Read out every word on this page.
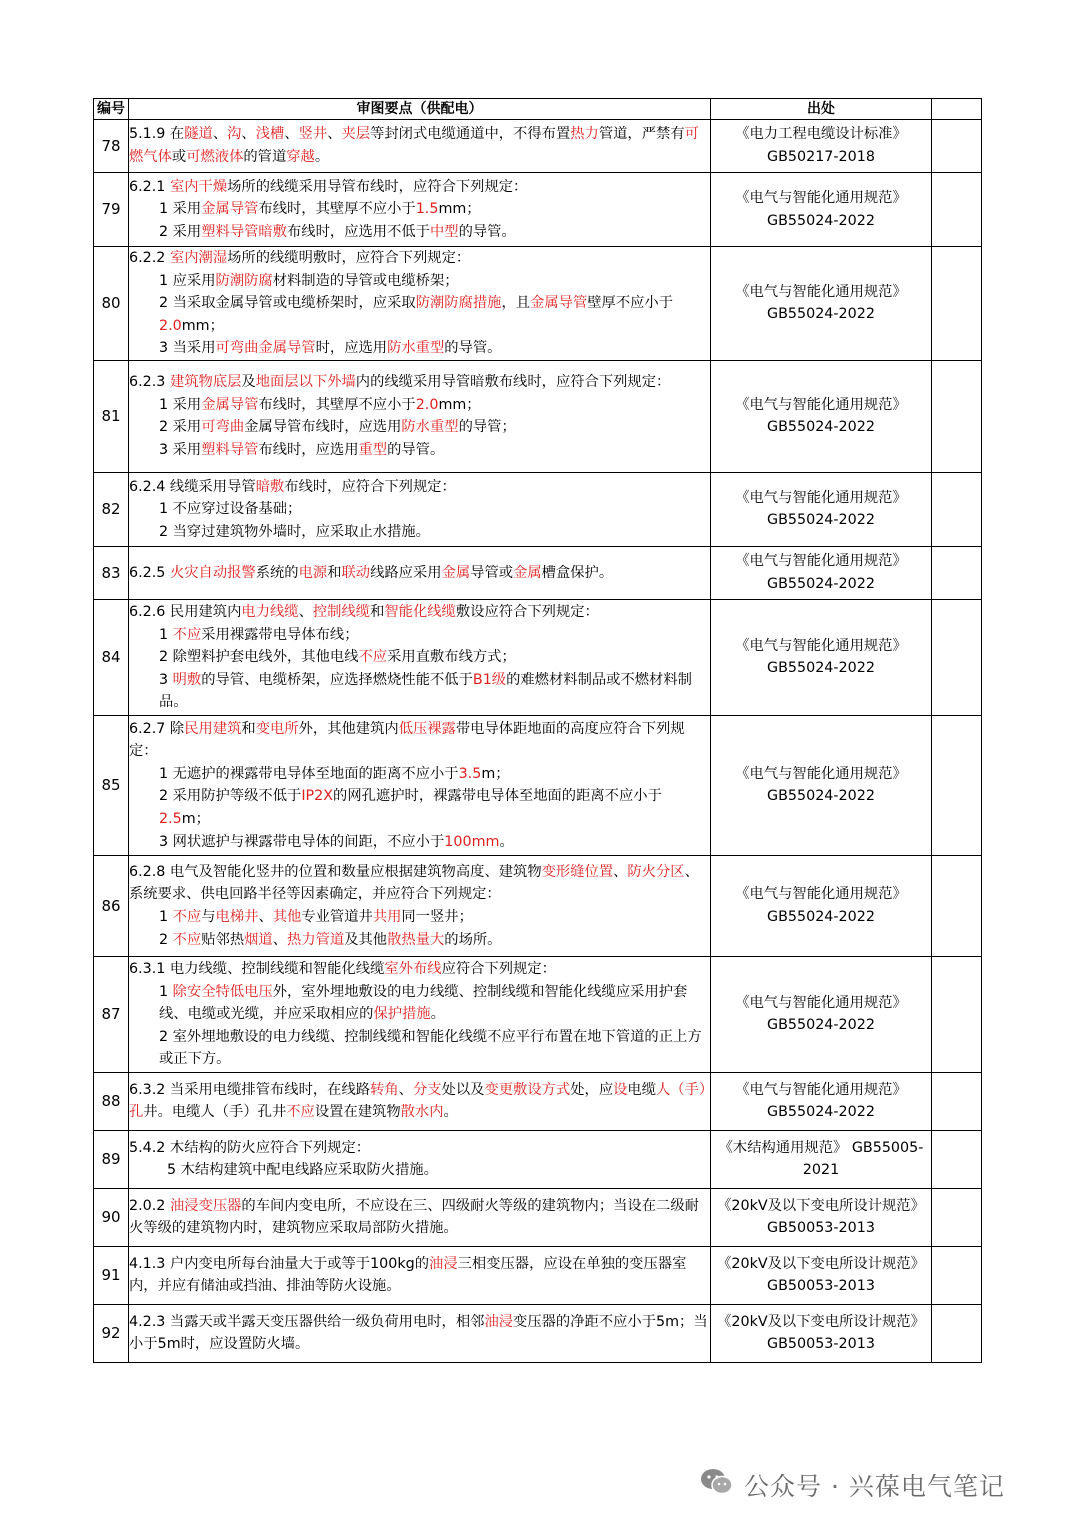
编号	审图要点（供配电）	出处	
78	5.1.9 在隧道、沟、浅槽、竖井、夹层等封闭式电缆通道中，不得布置热力管道，严禁有可燃气体或可燃液体的管道穿越。	《电力工程电缆设计标准》 GB50217-2018	
79	6.2.1 室内干燥场所的线缆采用导管布线时，应符合下列规定：
1 采用金属导管布线时，其壁厚不应小于1.5mm；
2 采用塑料导管暗敷布线时，应选用不低于中型的导管。	《电气与智能化通用规范》 GB55024-2022	
80	6.2.2 室内潮湿场所的线缆明敷时，应符合下列规定：
1 应采用防潮防腐材料制造的导管或电缆桥架；
2 当采取金属导管或电缆桥架时，应采取防潮防腐措施，且金属导管壁厚不应小于2.0mm；
3 当采用可弯曲金属导管时，应选用防水重型的导管。	《电气与智能化通用规范》 GB55024-2022	
81	6.2.3 建筑物底层及地面层以下外墙内的线缆采用导管暗敷布线时，应符合下列规定：
1 采用金属导管布线时，其壁厚不应小于2.0mm；
2 采用可弯曲金属导管布线时，应选用防水重型的导管；
3 采用塑料导管布线时，应选用重型的导管。	《电气与智能化通用规范》 GB55024-2022	
82	6.2.4 线缆采用导管暗敷布线时，应符合下列规定：
1 不应穿过设备基础；
2 当穿过建筑物外墙时，应采取止水措施。	《电气与智能化通用规范》 GB55024-2022	
83	6.2.5 火灾自动报警系统的电源和联动线路应采用金属导管或金属槽盒保护。	《电气与智能化通用规范》 GB55024-2022	
84	6.2.6 民用建筑内电力线缆、控制线缆和智能化线缆敷设应符合下列规定：
1 不应采用裸露带电导体布线；
2 除塑料护套电线外，其他电线不应采用直敷布线方式；
3 明敷的导管、电缆桥架，应选择燃烧性能不低于B1级的难燃材料制品或不燃材料制品。	《电气与智能化通用规范》 GB55024-2022	
85	6.2.7 除民用建筑和变电所外，其他建筑内低压裸露带电导体距地面的高度应符合下列规定：
1 无遮护的裸露带电导体至地面的距离不应小于3.5m；
2 采用防护等级不低于IP2X的网孔遮护时，裸露带电导体至地面的距离不应小于2.5m；
3 网状遮护与裸露带电导体的间距，不应小于100mm。	《电气与智能化通用规范》 GB55024-2022	
86	6.2.8 电气及智能化竖井的位置和数量应根据建筑物高度、建筑物变形缝位置、防火分区、系统要求、供电回路半径等因素确定，并应符合下列规定：
1 不应与电梯井、其他专业管道井共用同一竖井；
2 不应贴邻热烟道、热力管道及其他散热量大的场所。	《电气与智能化通用规范》 GB55024-2022	
87	6.3.1 电力线缆、控制线缆和智能化线缆室外布线应符合下列规定：
1 除安全特低电压外，室外埋地敷设的电力线缆、控制线缆和智能化线缆应采用护套线、电缆或光缆，并应采取相应的保护措施。
2 室外埋地敷设的电力线缆、控制线缆和智能化线缆不应平行布置在地下管道的正上方或正下方。	《电气与智能化通用规范》 GB55024-2022	
88	6.3.2 当采用电缆排管布线时，在线路转角、分支处以及变更敷设方式处，应设电缆人（手）孔井。电缆人（手）孔井不应设置在建筑物散水内。	《电气与智能化通用规范》 GB55024-2022	
89	5.4.2 木结构的防火应符合下列规定：
5 木结构建筑中配电线路应采取防火措施。	《木结构通用规范》 GB55005-2021	
90	2.0.2 油浸变压器的车间内变电所，不应设在三、四级耐火等级的建筑物内；当设在二级耐火等级的建筑物内时，建筑物应采取局部防火措施。	《20kV及以下变电所设计规范》 GB50053-2013	
91	4.1.3 户内变电所每台油量大于或等于100kg的油浸三相变压器，应设在单独的变压器室内，并应有储油或挡油、排油等防火设施。	《20kV及以下变电所设计规范》 GB50053-2013	
92	4.2.3 当露天或半露天变压器供给一级负荷用电时，相邻油浸变压器的净距不应小于5m；当小于5m时，应设置防火墙。	《20kV及以下变电所设计规范》 GB50053-2013	
公众号 · 兴葆电气笔记
